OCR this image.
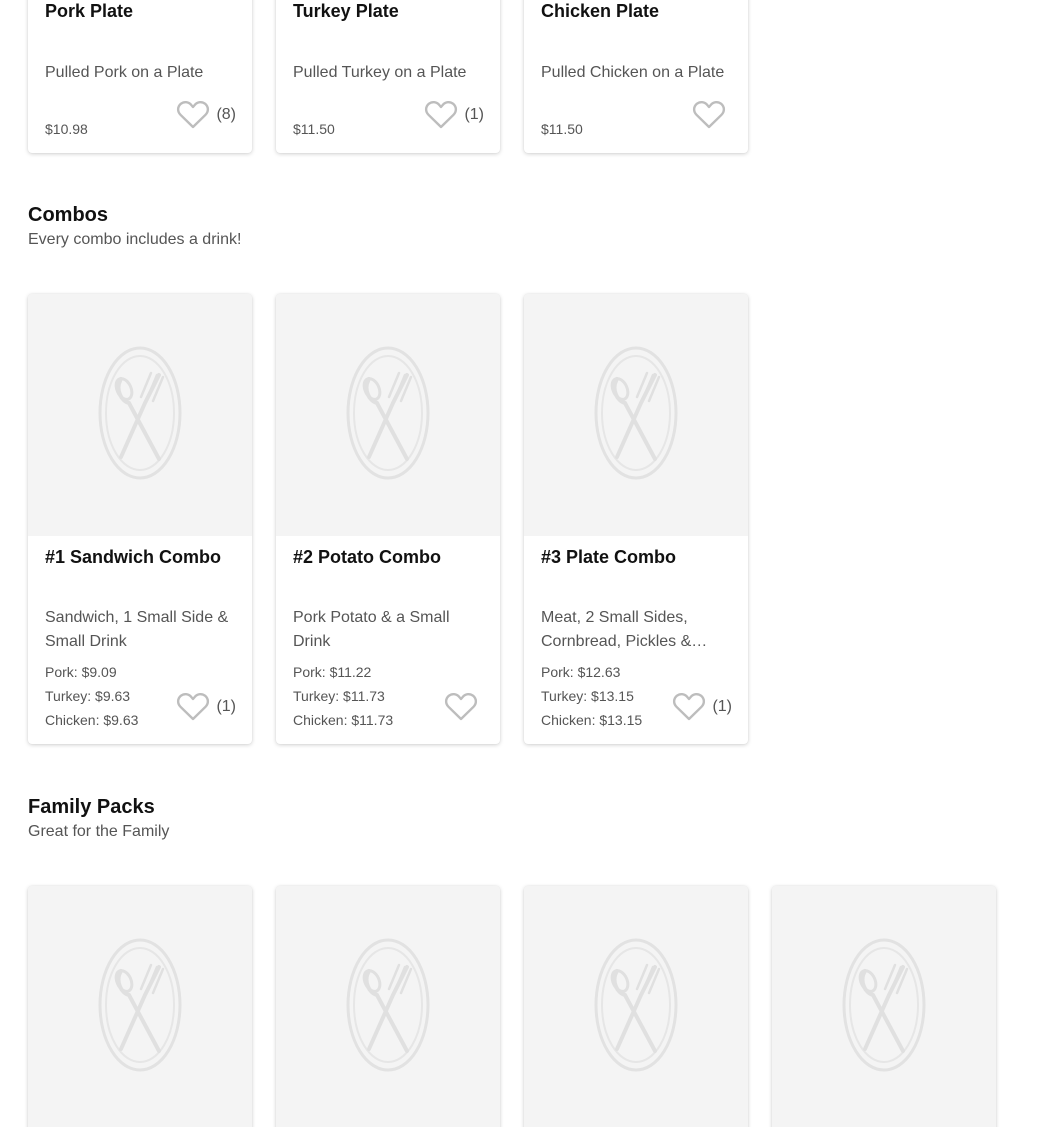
Pork Plate
Pulled Pork on a Plate
$10.98
(8)
Turkey Plate
Pulled Turkey on a Plate
$11.50
(1)
Chicken Plate
Pulled Chicken on a Plate
$11.50
Combos
Every combo includes a drink!
#1 Sandwich Combo
Sandwich, 1 Small Side & Small Drink
Pork: $9.09
Turkey: $9.63
Chicken: $9.63
(1)
#2 Potato Combo
Pork Potato & a Small Drink
Pork: $11.22
Turkey: $11.73
Chicken: $11.73
#3 Plate Combo
Meat, 2 Small Sides, Cornbread, Pickles &
Pork: $12.63
Turkey: $13.15
Chicken: $13.15
(1)
Family Packs
Great for the Family
